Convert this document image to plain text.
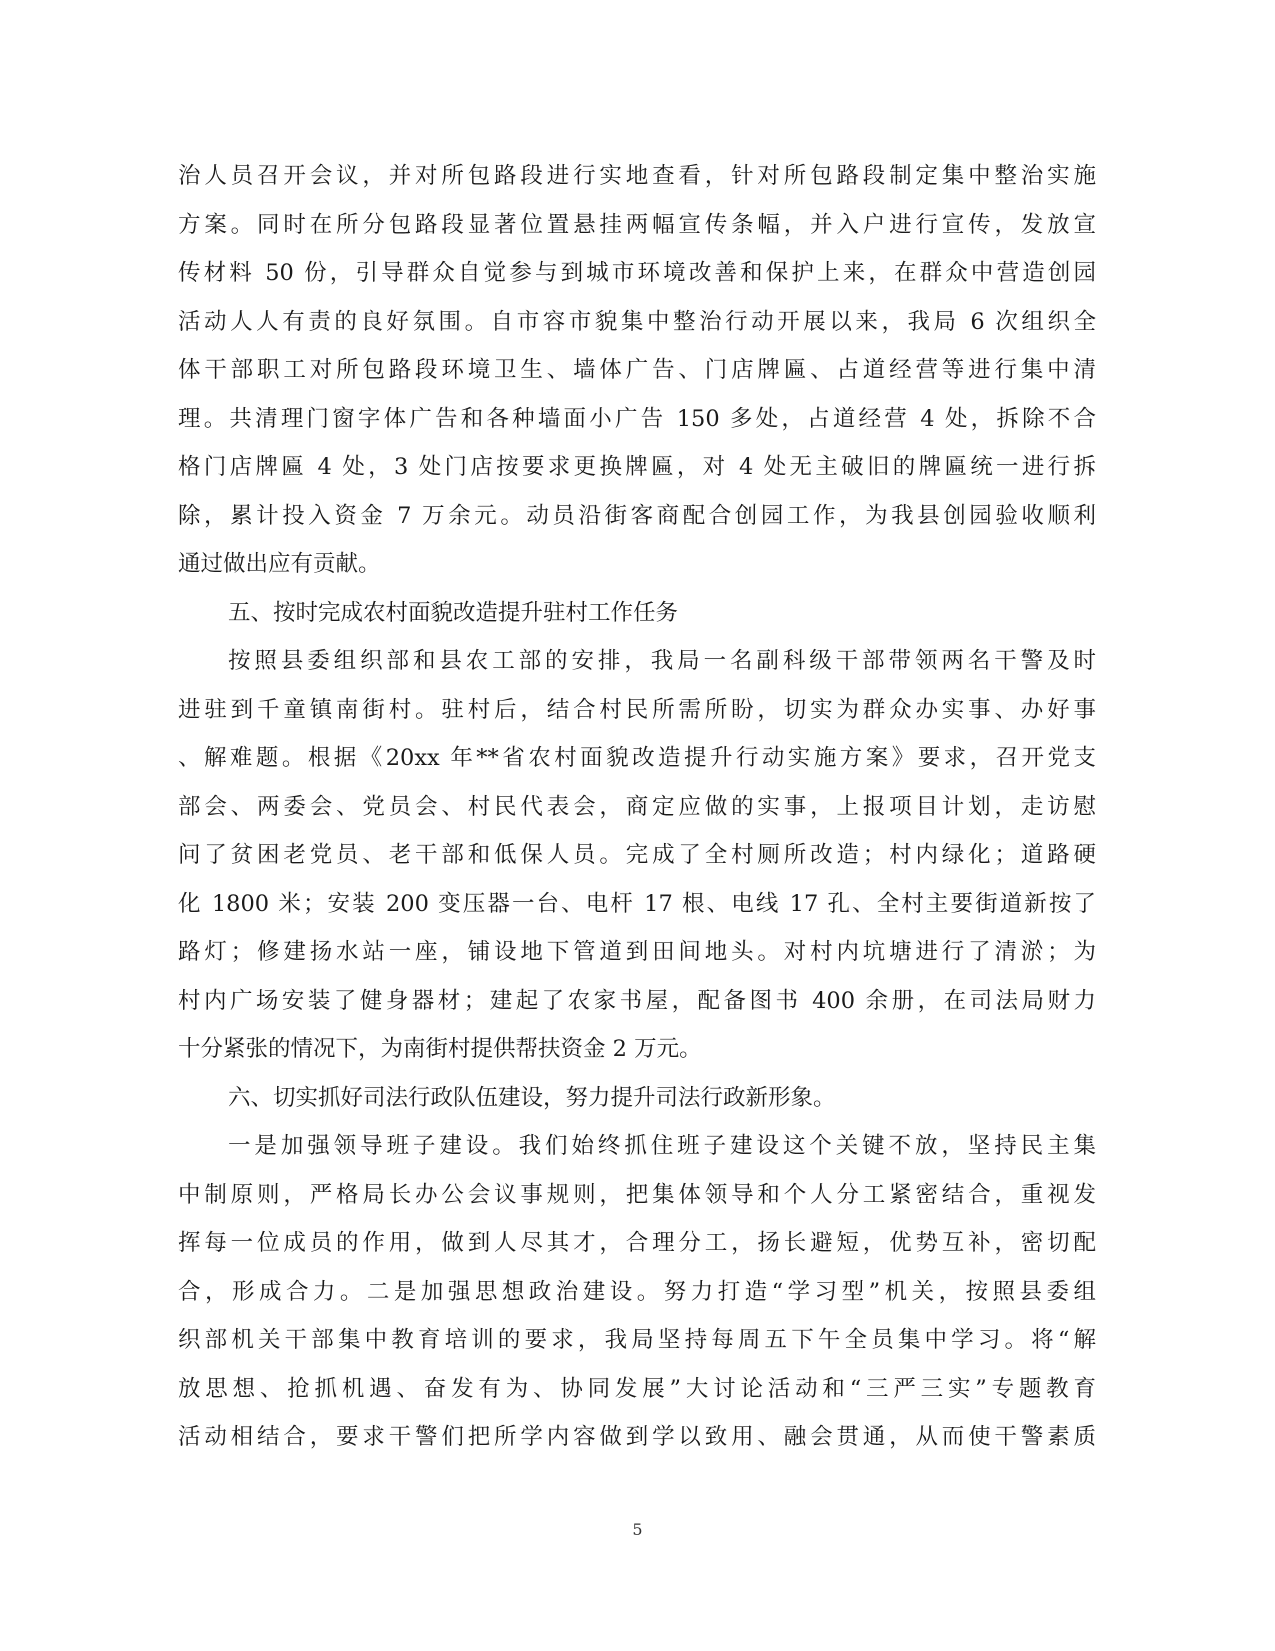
治人员召开会议，并对所包路段进行实地查看，针对所包路段制定集中整治实施
方案。同时在所分包路段显著位置悬挂两幅宣传条幅，并入户进行宣传，发放宣
传材料 50 份，引导群众自觉参与到城市环境改善和保护上来，在群众中营造创园
活动人人有责的良好氛围。自市容市貌集中整治行动开展以来，我局 6 次组织全
体干部职工对所包路段环境卫生、墙体广告、门店牌匾、占道经营等进行集中清
理。共清理门窗字体广告和各种墙面小广告 150 多处，占道经营 4 处，拆除不合
格门店牌匾 4 处，3 处门店按要求更换牌匾，对 4 处无主破旧的牌匾统一进行拆
除，累计投入资金 7 万余元。动员沿街客商配合创园工作，为我县创园验收顺利
通过做出应有贡献。
五、按时完成农村面貌改造提升驻村工作任务
按照县委组织部和县农工部的安排，我局一名副科级干部带领两名干警及时
进驻到千童镇南街村。驻村后，结合村民所需所盼，切实为群众办实事、办好事
、解难题。根据《20xx 年**省农村面貌改造提升行动实施方案》要求，召开党支
部会、两委会、党员会、村民代表会，商定应做的实事，上报项目计划，走访慰
问了贫困老党员、老干部和低保人员。完成了全村厕所改造；村内绿化；道路硬
化 1800 米；安装 200 变压器一台、电杆 17 根、电线 17 孔、全村主要街道新按了
路灯；修建扬水站一座，铺设地下管道到田间地头。对村内坑塘进行了清淤；为
村内广场安装了健身器材；建起了农家书屋，配备图书 400 余册，在司法局财力
十分紧张的情况下，为南街村提供帮扶资金 2 万元。
六、切实抓好司法行政队伍建设，努力提升司法行政新形象。
一是加强领导班子建设。我们始终抓住班子建设这个关键不放，坚持民主集
中制原则，严格局长办公会议事规则，把集体领导和个人分工紧密结合，重视发
挥每一位成员的作用，做到人尽其才，合理分工，扬长避短，优势互补，密切配
合，形成合力。二是加强思想政治建设。努力打造“学习型”机关，按照县委组
织部机关干部集中教育培训的要求，我局坚持每周五下午全员集中学习。将“解
放思想、抢抓机遇、奋发有为、协同发展”大讨论活动和“三严三实”专题教育
活动相结合，要求干警们把所学内容做到学以致用、融会贯通，从而使干警素质
5
